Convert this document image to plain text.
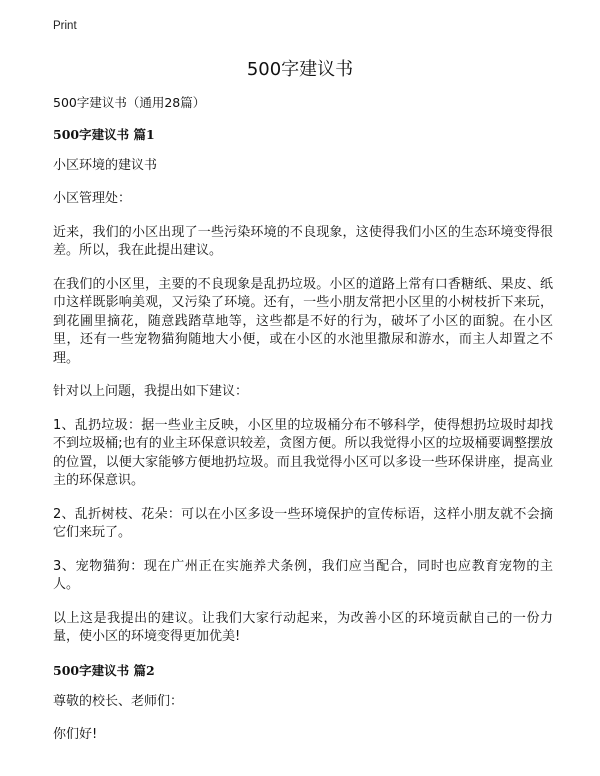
Print
500字建议书

500字建议书（通用28篇）

500字建议书 篇1

小区环境的建议书

小区管理处：

近来，我们的小区出现了一些污染环境的不良现象，这使得我们小区的生态环境变得很差。所以，我在此提出建议。

在我们的小区里，主要的不良现象是乱扔垃圾。小区的道路上常有口香糖纸、果皮、纸巾这样既影响美观，又污染了环境。还有，一些小朋友常把小区里的小树枝折下来玩，到花圃里摘花，随意践踏草地等，这些都是不好的行为，破坏了小区的面貌。在小区里，还有一些宠物猫狗随地大小便，或在小区的水池里撒尿和游水，而主人却置之不理。

针对以上问题，我提出如下建议：

1、乱扔垃圾：据一些业主反映，小区里的垃圾桶分布不够科学，使得想扔垃圾时却找不到垃圾桶;也有的业主环保意识较差，贪图方便。所以我觉得小区的垃圾桶要调整摆放的位置，以便大家能够方便地扔垃圾。而且我觉得小区可以多设一些环保讲座，提高业主的环保意识。

2、乱折树枝、花朵：可以在小区多设一些环境保护的宣传标语，这样小朋友就不会摘它们来玩了。

3、宠物猫狗：现在广州正在实施养犬条例，我们应当配合，同时也应教育宠物的主人。

以上这是我提出的建议。让我们大家行动起来，为改善小区的环境贡献自己的一份力量，使小区的环境变得更加优美!

500字建议书 篇2

尊敬的校长、老师们：

你们好!
